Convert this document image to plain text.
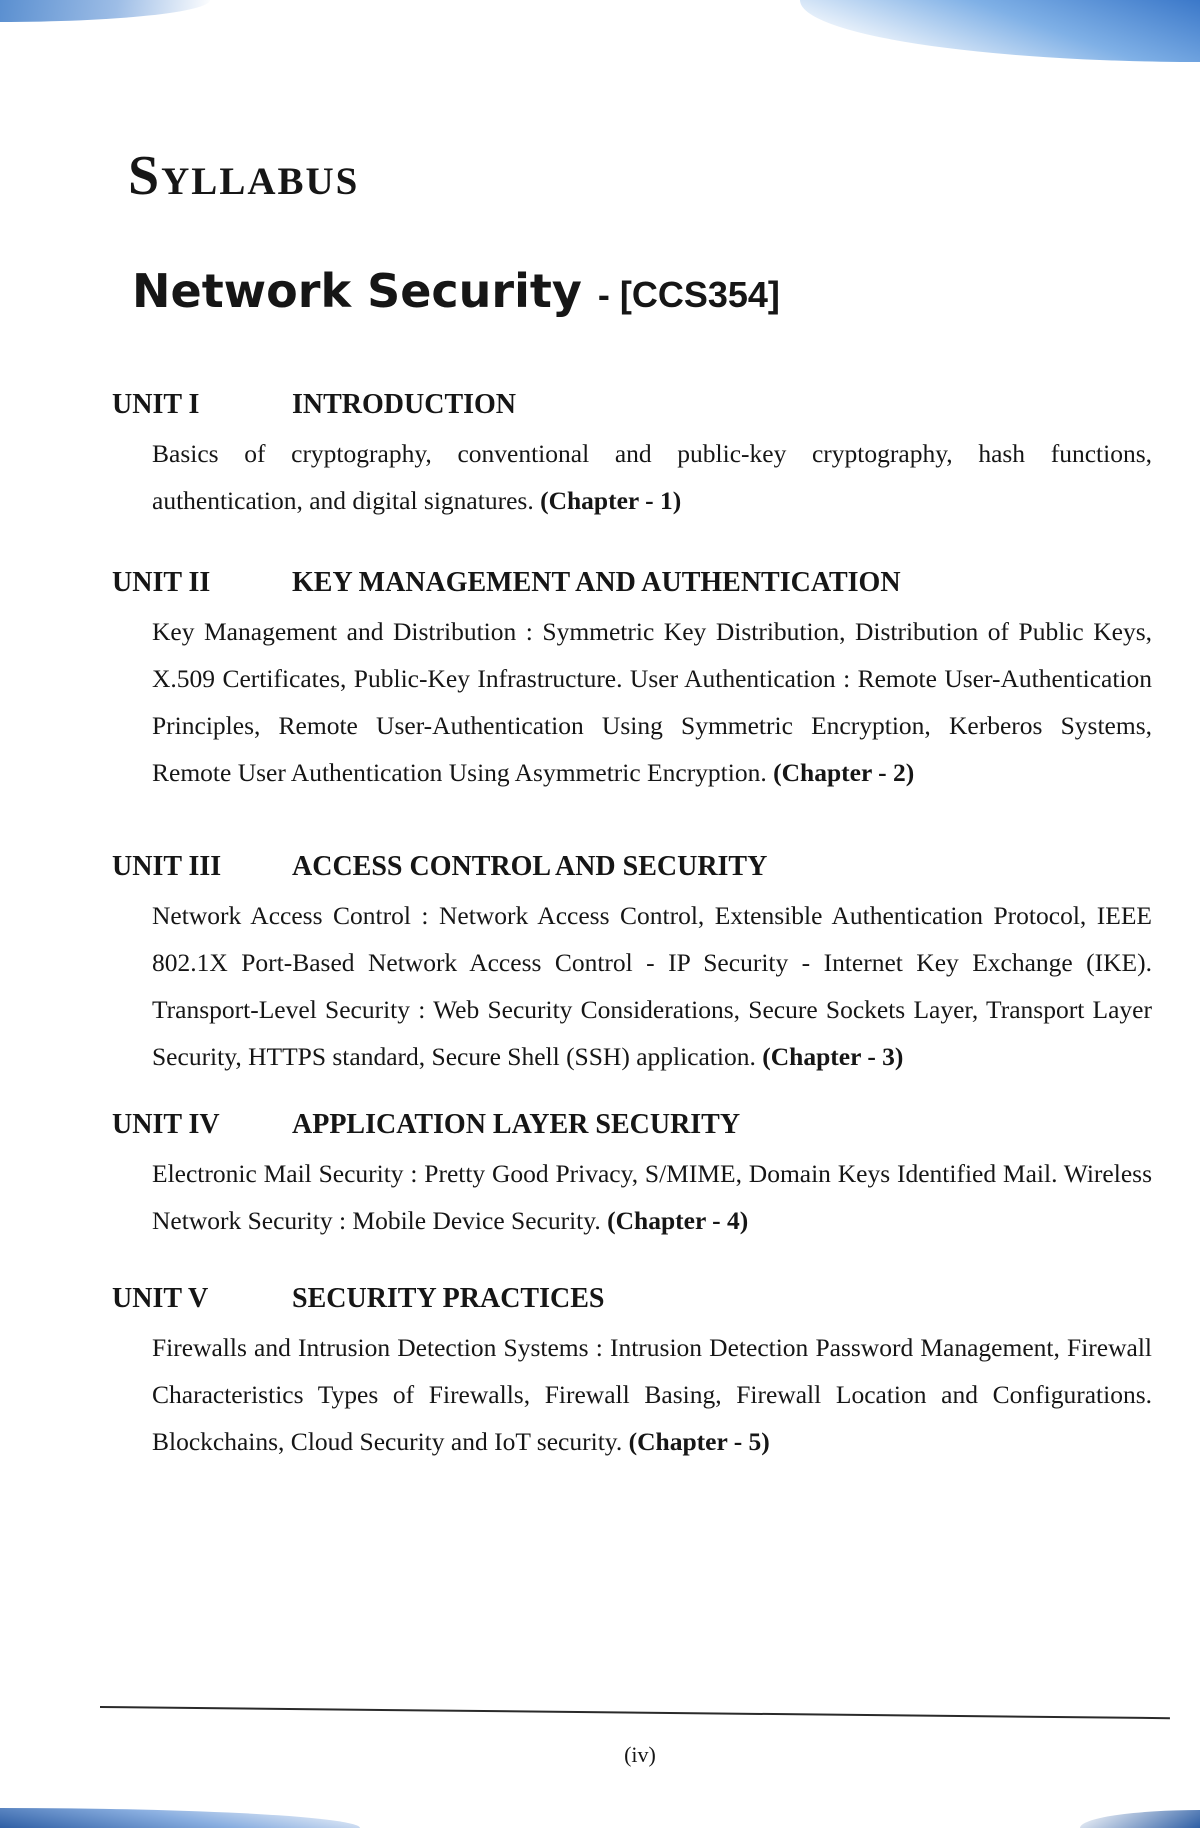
Syllabus
Network Security - [CCS354]
UNIT I	INTRODUCTION

Basics of cryptography, conventional and public-key cryptography, hash functions, authentication, and digital signatures. (Chapter - 1)

UNIT II	KEY MANAGEMENT AND AUTHENTICATION

Key Management and Distribution : Symmetric Key Distribution, Distribution of Public Keys, X.509 Certificates, Public-Key Infrastructure. User Authentication : Remote User-Authentication Principles, Remote User-Authentication Using Symmetric Encryption, Kerberos Systems, Remote User Authentication Using Asymmetric Encryption. (Chapter - 2)

UNIT III	ACCESS CONTROL AND SECURITY

Network Access Control : Network Access Control, Extensible Authentication Protocol, IEEE 802.1X Port-Based Network Access Control - IP Security - Internet Key Exchange (IKE). Transport-Level Security : Web Security Considerations, Secure Sockets Layer, Transport Layer Security, HTTPS standard, Secure Shell (SSH) application. (Chapter - 3)

UNIT IV	APPLICATION LAYER SECURITY

Electronic Mail Security : Pretty Good Privacy, S/MIME, Domain Keys Identified Mail. Wireless Network Security : Mobile Device Security. (Chapter - 4)

UNIT V	SECURITY PRACTICES

Firewalls and Intrusion Detection Systems : Intrusion Detection Password Management, Firewall Characteristics Types of Firewalls, Firewall Basing, Firewall Location and Configurations. Blockchains, Cloud Security and IoT security. (Chapter - 5)

(iv)
